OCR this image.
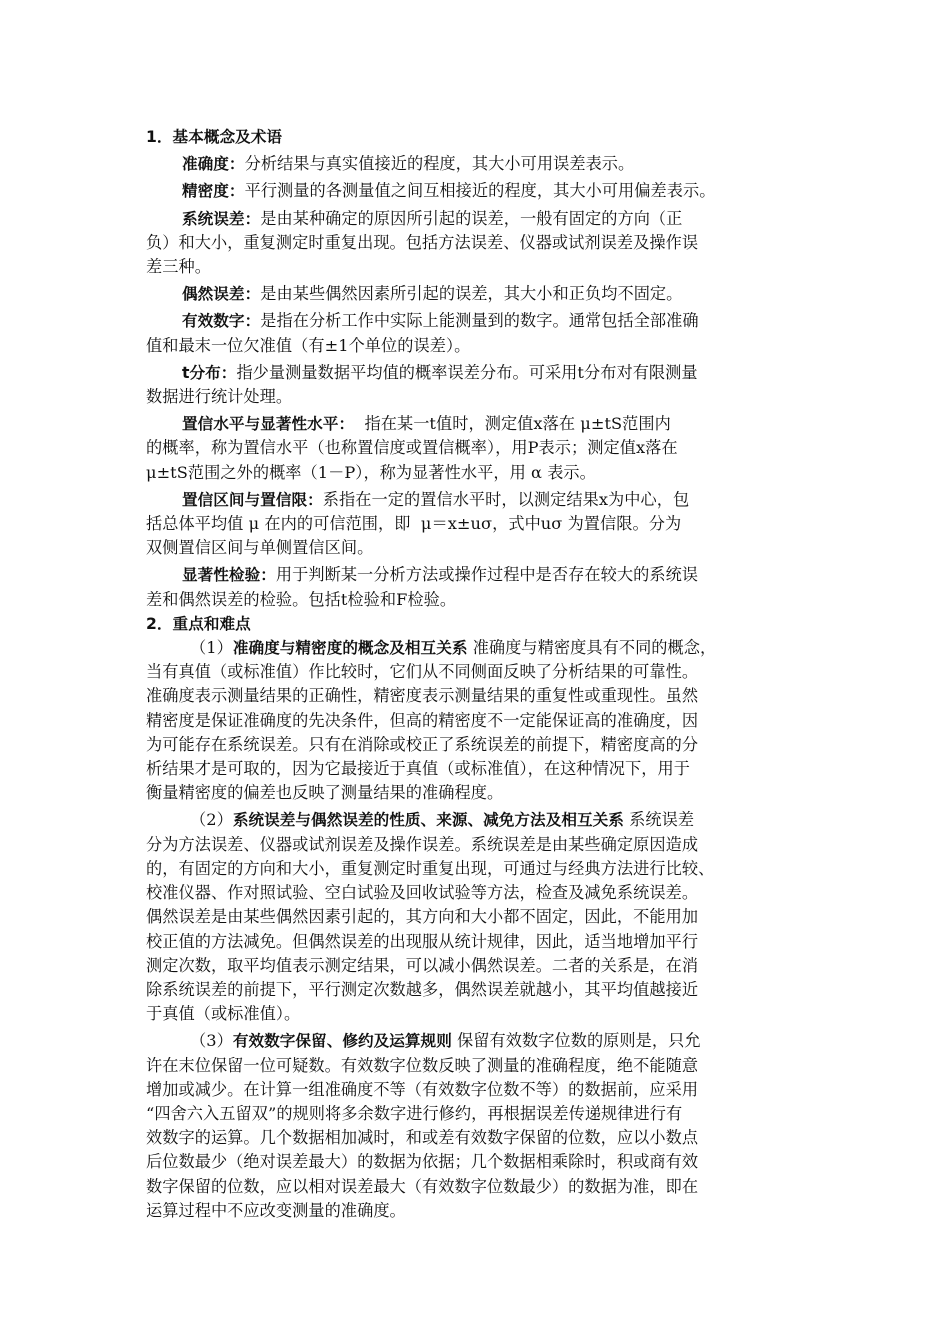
1．基本概念及术语
准确度：分析结果与真实值接近的程度，其大小可用误差表示。
精密度：平行测量的各测量值之间互相接近的程度，其大小可用偏差表示。
系统误差：是由某种确定的原因所引起的误差，一般有固定的方向（正
负）和大小，重复测定时重复出现。包括方法误差、仪器或试剂误差及操作误
差三种。
偶然误差：是由某些偶然因素所引起的误差，其大小和正负均不固定。
有效数字：是指在分析工作中实际上能测量到的数字。通常包括全部准确
值和最末一位欠准值（有±1个单位的误差）。
t分布：指少量测量数据平均值的概率误差分布。可采用t分布对有限测量
数据进行统计处理。
置信水平与显著性水平：  指在某一t值时，测定值x落在 μ±tS范围内
的概率，称为置信水平（也称置信度或置信概率），用P表示；测定值x落在
μ±tS范围之外的概率（1－P），称为显著性水平，用 α 表示。
置信区间与置信限：系指在一定的置信水平时，以测定结果x为中心，包
括总体平均值 μ 在内的可信范围，即  μ＝x±uσ，式中uσ 为置信限。分为
双侧置信区间与单侧置信区间。
显著性检验：用于判断某一分析方法或操作过程中是否存在较大的系统误
差和偶然误差的检验。包括t检验和F检验。
2．重点和难点
（1）准确度与精密度的概念及相互关系 准确度与精密度具有不同的概念，
当有真值（或标准值）作比较时，它们从不同侧面反映了分析结果的可靠性。
准确度表示测量结果的正确性，精密度表示测量结果的重复性或重现性。虽然
精密度是保证准确度的先决条件，但高的精密度不一定能保证高的准确度，因
为可能存在系统误差。只有在消除或校正了系统误差的前提下，精密度高的分
析结果才是可取的，因为它最接近于真值（或标准值），在这种情况下，用于
衡量精密度的偏差也反映了测量结果的准确程度。
（2）系统误差与偶然误差的性质、来源、减免方法及相互关系 系统误差
分为方法误差、仪器或试剂误差及操作误差。系统误差是由某些确定原因造成
的，有固定的方向和大小，重复测定时重复出现，可通过与经典方法进行比较、
校准仪器、作对照试验、空白试验及回收试验等方法，检查及减免系统误差。
偶然误差是由某些偶然因素引起的，其方向和大小都不固定，因此，不能用加
校正值的方法减免。但偶然误差的出现服从统计规律，因此，适当地增加平行
测定次数，取平均值表示测定结果，可以减小偶然误差。二者的关系是，在消
除系统误差的前提下，平行测定次数越多，偶然误差就越小，其平均值越接近
于真值（或标准值）。
（3）有效数字保留、修约及运算规则 保留有效数字位数的原则是，只允
许在末位保留一位可疑数。有效数字位数反映了测量的准确程度，绝不能随意
增加或减少。在计算一组准确度不等（有效数字位数不等）的数据前，应采用
“四舍六入五留双”的规则将多余数字进行修约，再根据误差传递规律进行有
效数字的运算。几个数据相加减时，和或差有效数字保留的位数，应以小数点
后位数最少（绝对误差最大）的数据为依据；几个数据相乘除时，积或商有效
数字保留的位数，应以相对误差最大（有效数字位数最少）的数据为准，即在
运算过程中不应改变测量的准确度。
